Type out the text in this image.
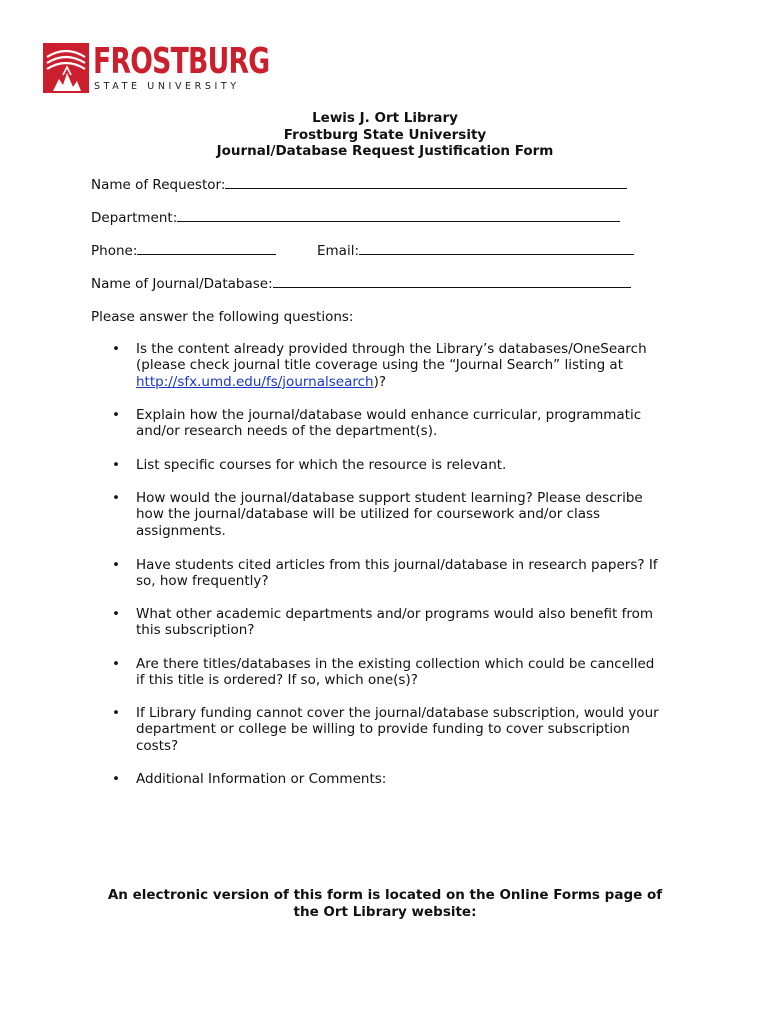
FROSTBURG
STATE UNIVERSITY
Lewis J. Ort Library
Frostburg State University
Journal/Database Request Justification Form
Name of Requestor:
Department:
Phone:	Email:
Name of Journal/Database:
Please answer the following questions:
• Is the content already provided through the Library’s databases/OneSearch
(please check journal title coverage using the “Journal Search” listing at
http://sfx.umd.edu/fs/journalsearch)?
• Explain how the journal/database would enhance curricular, programmatic
and/or research needs of the department(s).
• List specific courses for which the resource is relevant.
• How would the journal/database support student learning? Please describe
how the journal/database will be utilized for coursework and/or class
assignments.
• Have students cited articles from this journal/database in research papers? If
so, how frequently?
• What other academic departments and/or programs would also benefit from
this subscription?
• Are there titles/databases in the existing collection which could be cancelled
if this title is ordered? If so, which one(s)?
• If Library funding cannot cover the journal/database subscription, would your
department or college be willing to provide funding to cover subscription
costs?
• Additional Information or Comments:
An electronic version of this form is located on the Online Forms page of
the Ort Library website:
